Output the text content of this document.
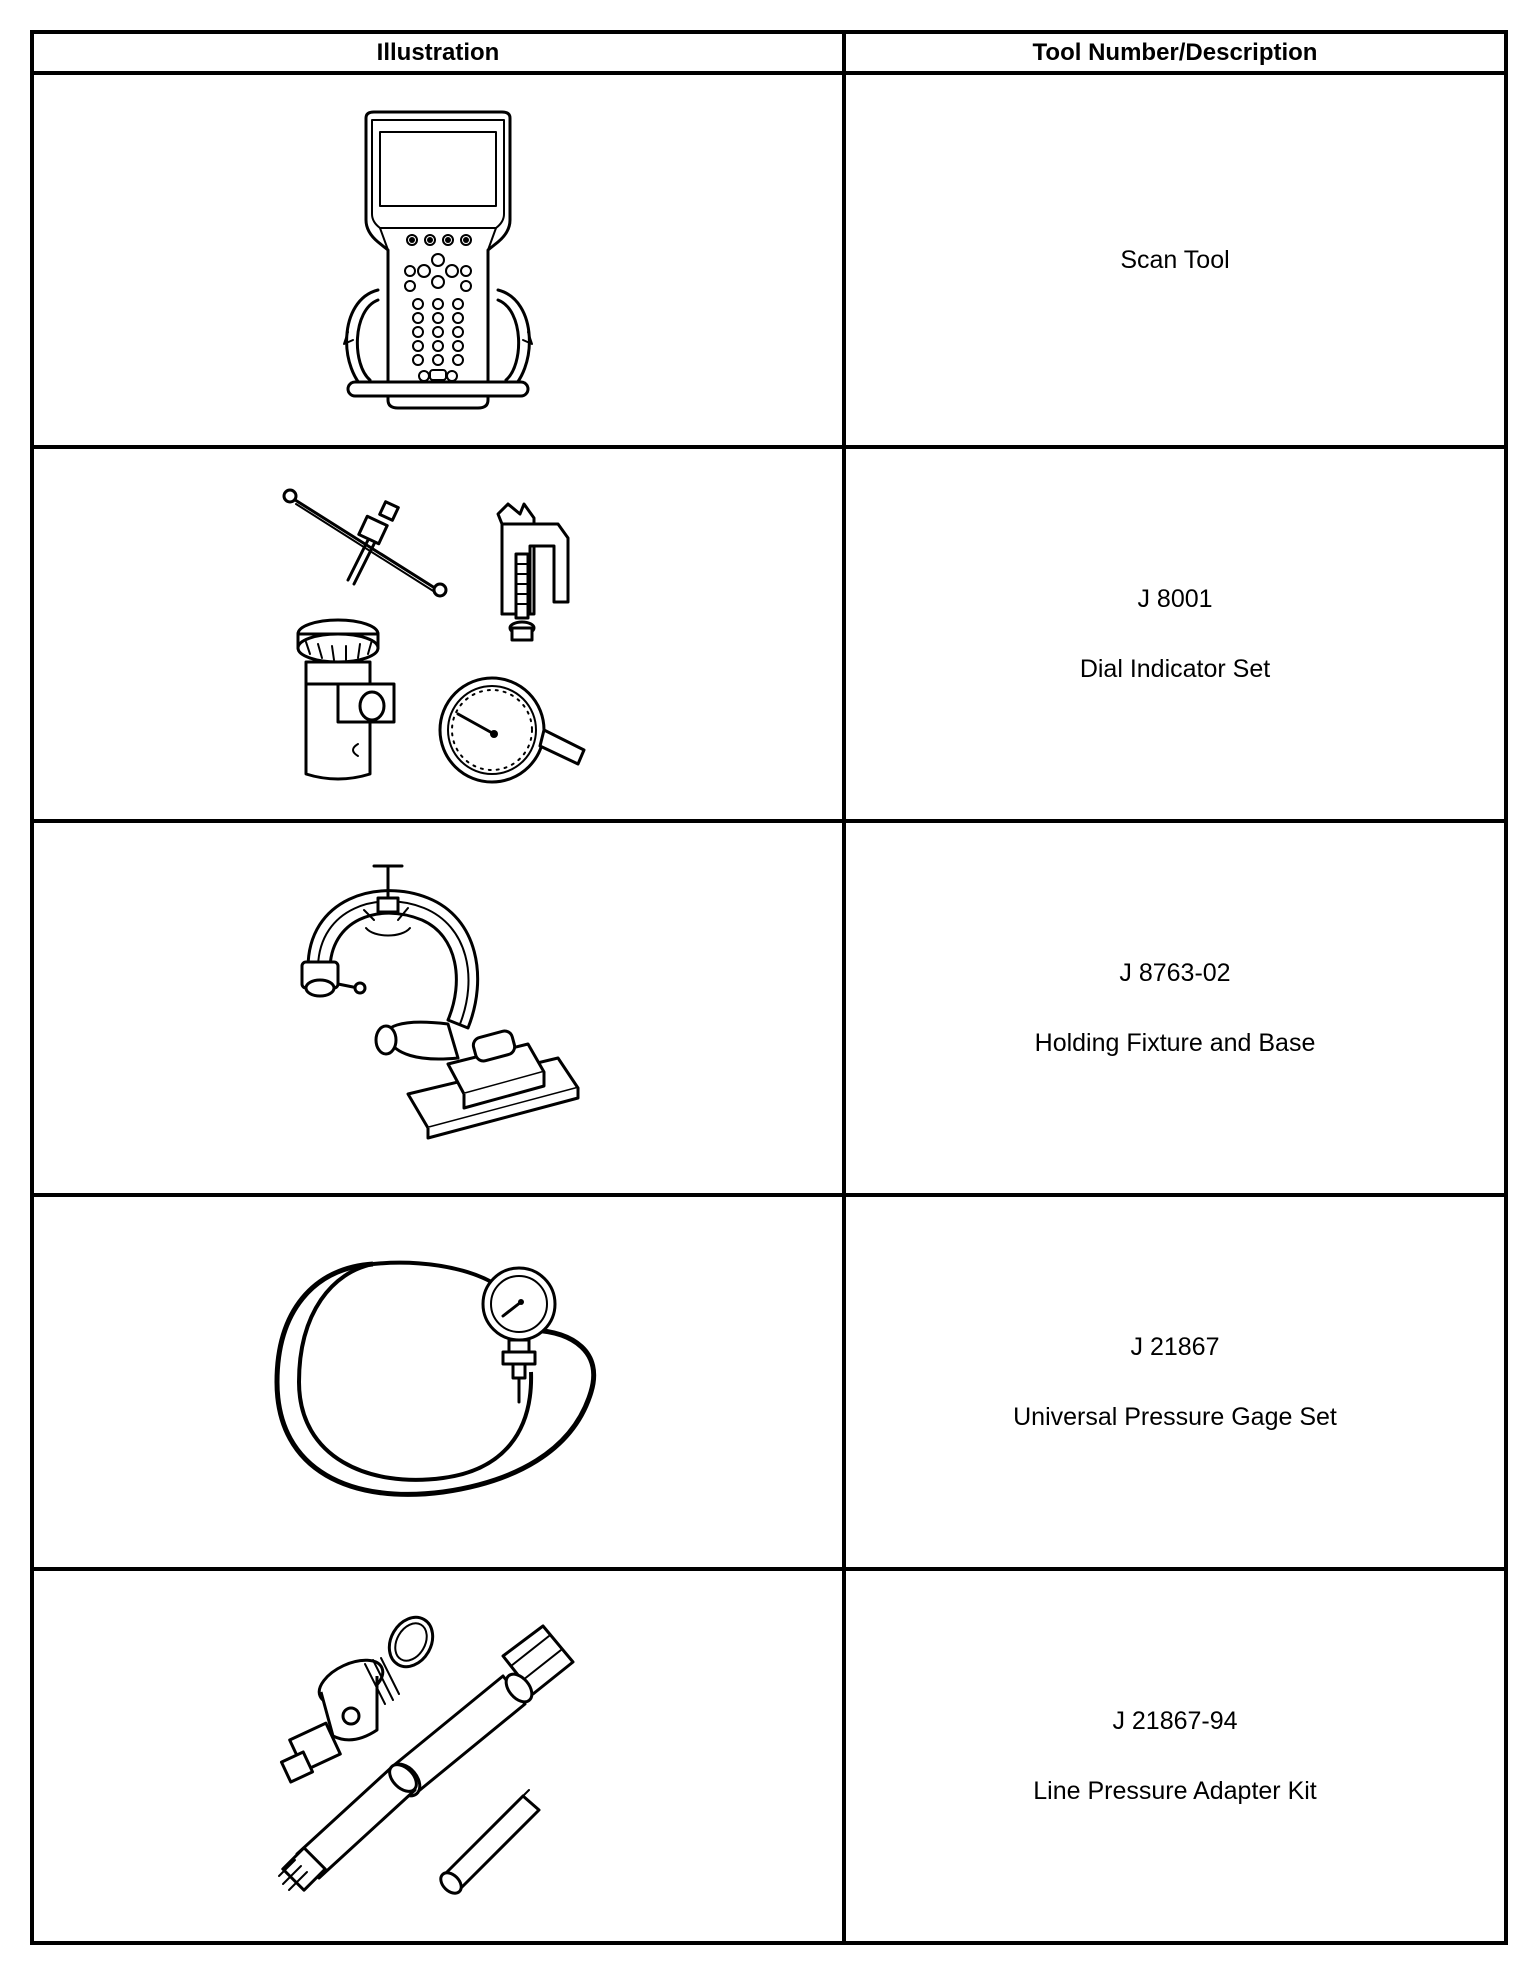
Illustration	Tool Number/Description

Scan Tool

J 8001
Dial Indicator Set

J 8763-02
Holding Fixture and Base

J 21867
Universal Pressure Gage Set

J 21867-94
Line Pressure Adapter Kit
